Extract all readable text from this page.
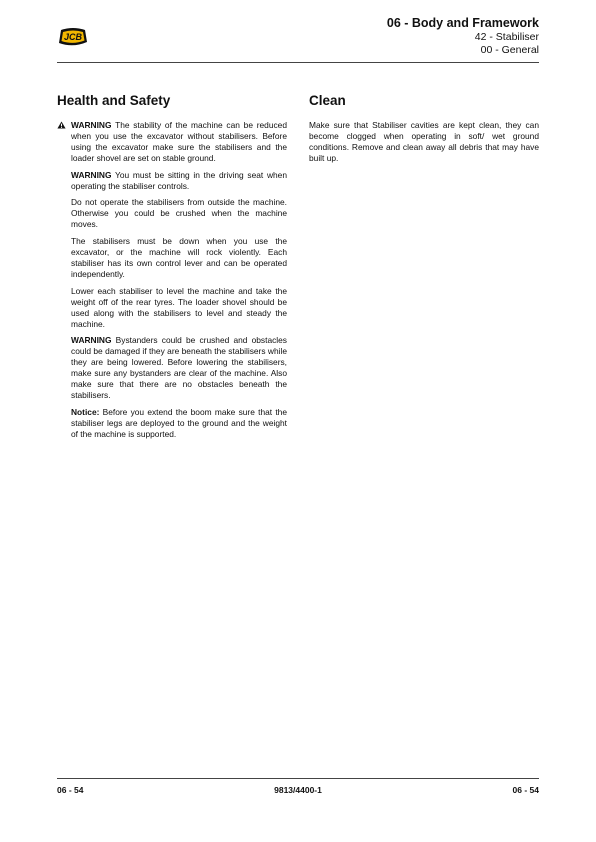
JCB
06 - Body and Framework
42 - Stabiliser
00 - General
Health and Safety

WARNING The stability of the machine can be reduced when you use the excavator without stabilisers. Before using the excavator make sure the stabilisers and the loader shovel are set on stable ground.

WARNING You must be sitting in the driving seat when operating the stabiliser controls.

Do not operate the stabilisers from outside the machine. Otherwise you could be crushed when the machine moves.

The stabilisers must be down when you use the excavator, or the machine will rock violently. Each stabiliser has its own control lever and can be operated independently.

Lower each stabiliser to level the machine and take the weight off of the rear tyres. The loader shovel should be used along with the stabilisers to level and steady the machine.

WARNING Bystanders could be crushed and obstacles could be damaged if they are beneath the stabilisers while they are being lowered. Before lowering the stabilisers, make sure any bystanders are clear of the machine. Also make sure that there are no obstacles beneath the stabilisers.

Notice: Before you extend the boom make sure that the stabiliser legs are deployed to the ground and the weight of the machine is supported.

Clean

Make sure that Stabiliser cavities are kept clean, they can become clogged when operating in soft/ wet ground conditions. Remove and clean away all debris that may have built up.

06 - 54	9813/4400-1	06 - 54
